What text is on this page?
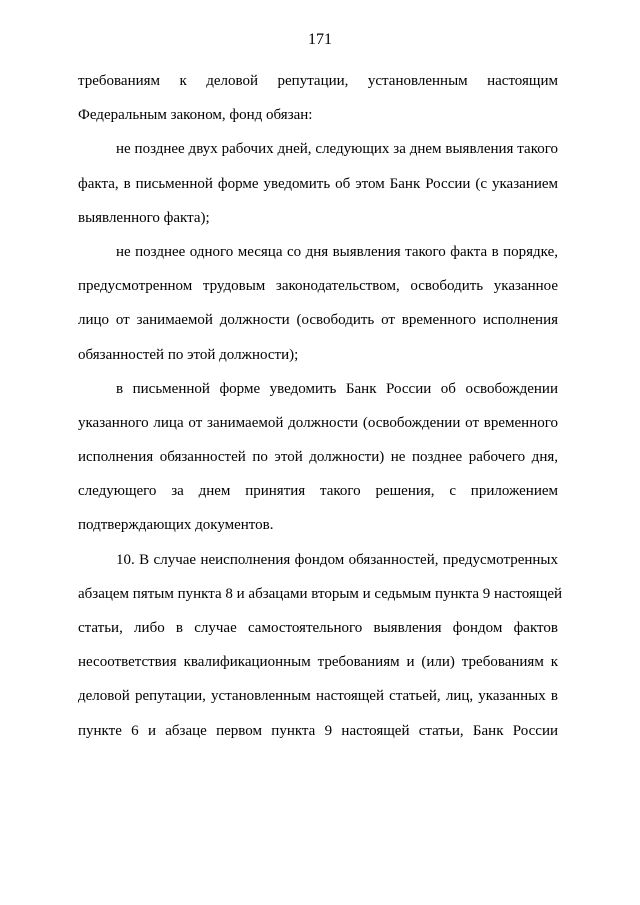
171
требованиям к деловой репутации, установленным настоящим
Федеральным законом, фонд обязан:
не позднее двух рабочих дней, следующих за днем выявления такого
факта, в письменной форме уведомить об этом Банк России (с указанием
выявленного факта);
не позднее одного месяца со дня выявления такого факта в порядке,
предусмотренном трудовым законодательством, освободить указанное
лицо от занимаемой должности (освободить от временного исполнения
обязанностей по этой должности);
в письменной форме уведомить Банк России об освобождении
указанного лица от занимаемой должности (освобождении от временного
исполнения обязанностей по этой должности) не позднее рабочего дня,
следующего за днем принятия такого решения, с приложением
подтверждающих документов.
10. В случае неисполнения фондом обязанностей, предусмотренных
абзацем пятым пункта 8 и абзацами вторым и седьмым пункта 9 настоящей
статьи, либо в случае самостоятельного выявления фондом фактов
несоответствия квалификационным требованиям и (или) требованиям к
деловой репутации, установленным настоящей статьей, лиц, указанных в
пункте 6 и абзаце первом пункта 9 настоящей статьи, Банк России
